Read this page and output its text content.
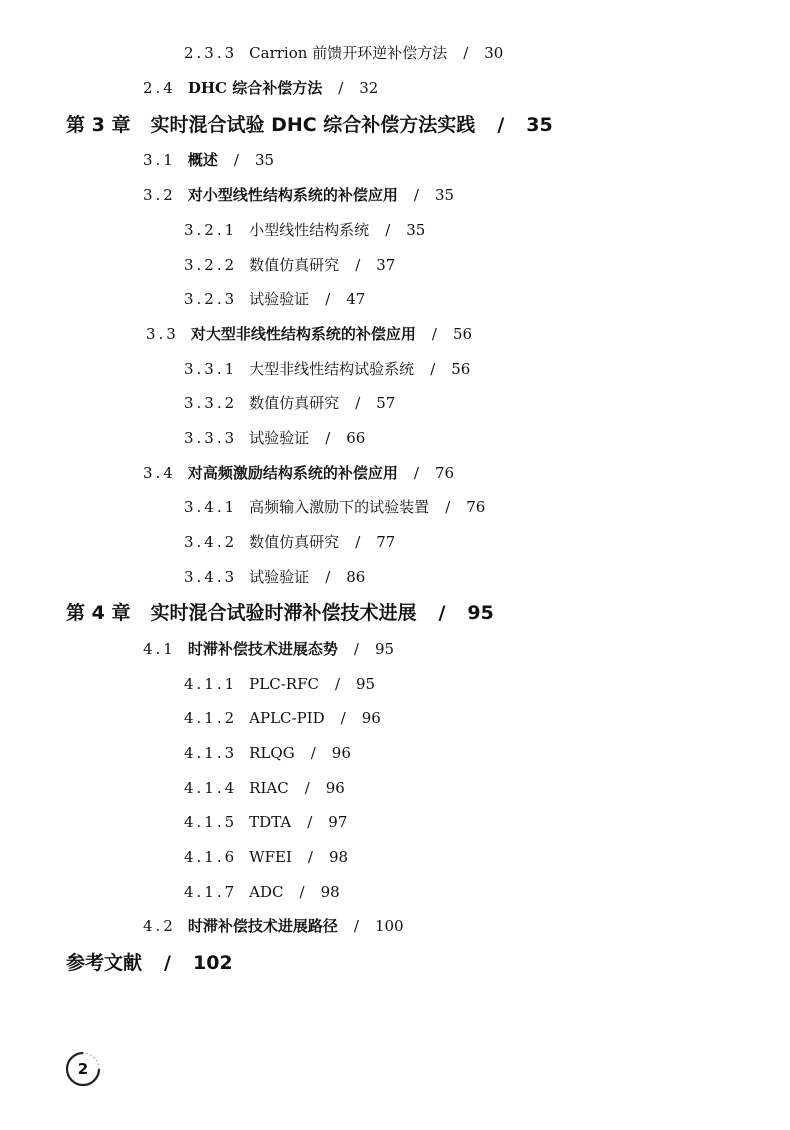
2.3.3 Carrion 前馈开环逆补偿方法 / 30
2.4 DHC 综合补偿方法 / 32
第 3 章 实时混合试验 DHC 综合补偿方法实践 / 35
3.1 概述 / 35
3.2 对小型线性结构系统的补偿应用 / 35
3.2.1 小型线性结构系统 / 35
3.2.2 数值仿真研究 / 37
3.2.3 试验验证 / 47
3.3 对大型非线性结构系统的补偿应用 / 56
3.3.1 大型非线性结构试验系统 / 56
3.3.2 数值仿真研究 / 57
3.3.3 试验验证 / 66
3.4 对高频激励结构系统的补偿应用 / 76
3.4.1 高频输入激励下的试验装置 / 76
3.4.2 数值仿真研究 / 77
3.4.3 试验验证 / 86
第 4 章 实时混合试验时滞补偿技术进展 / 95
4.1 时滞补偿技术进展态势 / 95
4.1.1 PLC-RFC / 95
4.1.2 APLC-PID / 96
4.1.3 RLQG / 96
4.1.4 RIAC / 96
4.1.5 TDTA / 97
4.1.6 WFEI / 98
4.1.7 ADC / 98
4.2 时滞补偿技术进展路径 / 100
参考文献 / 102
2
